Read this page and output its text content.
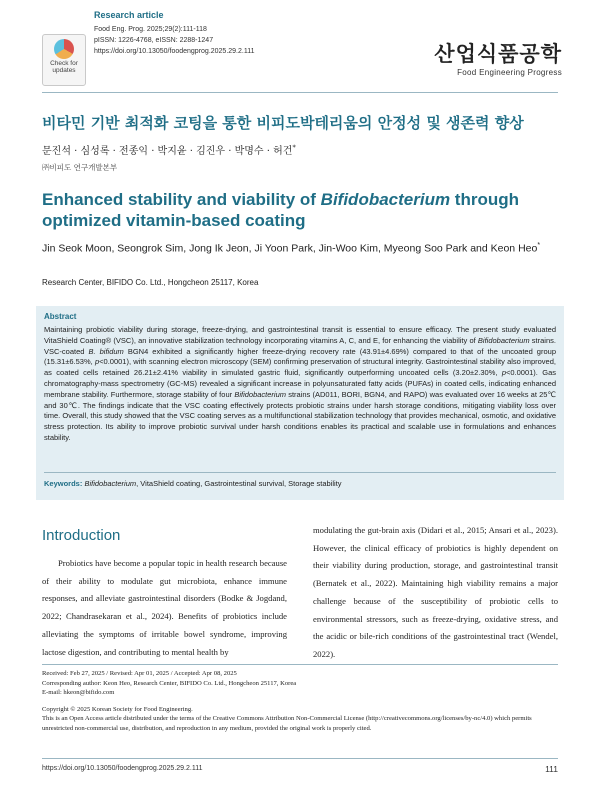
Check for updates
Research article
Food Eng. Prog. 2025;29(2):111-118
pISSN: 1226-4768, eISSN: 2288-1247
https://doi.org/10.13050/foodengprog.2025.29.2.111	산업식품공학
Food Engineering Progress
비타민 기반 최적화 코팅을 통한 비피도박테리움의 안정성 및 생존력 향상
문진석 · 심성록 · 전종익 · 박지윤 · 김진우 · 박명수 · 허건*
㈜비피도 연구개발본부
Enhanced stability and viability of Bifidobacterium through optimized vitamin-based coating
Jin Seok Moon, Seongrok Sim, Jong Ik Jeon, Ji Yoon Park, Jin-Woo Kim, Myeong Soo Park and Keon Heo*
Research Center, BIFIDO Co. Ltd., Hongcheon 25117, Korea
Abstract
Maintaining probiotic viability during storage, freeze-drying, and gastrointestinal transit is essential to ensure efficacy. The present study evaluated VitaShield Coating® (VSC), an innovative stabilization technology incorporating vitamins A, C, and E, for enhancing the viability of Bifidobacterium strains. VSC-coated B. bifidum BGN4 exhibited a significantly higher freeze-drying recovery rate (43.91±4.69%) compared to that of the uncoated group (15.31±6.53%, p<0.0001), with scanning electron microscopy (SEM) confirming preservation of structural integrity. Gastrointestinal stability also improved, as coated cells retained 26.21±2.41% viability in simulated gastric fluid, significantly outperforming uncoated cells (3.20±2.30%, p<0.0001). Gas chromatography-mass spectrometry (GC-MS) revealed a significant increase in polyunsaturated fatty acids (PUFAs) in coated cells, indicating enhanced membrane stability. Furthermore, storage stability of four Bifidobacterium strains (AD011, BORI, BGN4, and RAPO) was evaluated over 16 weeks at 25℃ and 30℃. The findings indicate that the VSC coating effectively protects probiotic strains under harsh storage conditions, mitigating viability loss over time. Overall, this study showed that the VSC coating serves as a multifunctional stabilization technology that provides mechanical, osmotic, and oxidative stress protection. Its ability to improve probiotic survival under harsh conditions enables its practical and scalable use in formulations and enhances stability.
Keywords: Bifidobacterium, VitaShield coating, Gastrointestinal survival, Storage stability
Introduction
Probiotics have become a popular topic in health research because of their ability to modulate gut microbiota, enhance immune responses, and alleviate gastrointestinal disorders (Bodke & Jogdand, 2022; Chandrasekaran et al., 2024). Benefits of probiotics include alleviating the symptoms of irritable bowel syndrome, improving lactose digestion, and contributing to mental health by
modulating the gut-brain axis (Didari et al., 2015; Ansari et al., 2023). However, the clinical efficacy of probiotics is highly dependent on their viability during production, storage, and gastrointestinal transit (Bernatek et al., 2022). Maintaining high viability remains a major challenge because of the susceptibility of probiotic cells to environmental stressors, such as freeze-drying, oxidative stress, and the acidic or bile-rich conditions of the gastrointestinal tract (Wendel, 2022).

Received: Feb 27, 2025 / Revised: Apr 01, 2025 / Accepted: Apr 08, 2025

Corresponding author: Keon Heo, Research Center, BIFIDO Co. Ltd., Hongcheon 25117, Korea

E-mail: hkeon@bifido.com

Copyright © 2025 Korean Society for Food Engineering.

This is an Open Access article distributed under the terms of the Creative Commons Attribution Non-Commercial License (http://creativecommons.org/licenses/by-nc/4.0) which permits unrestricted non-commercial use, distribution, and reproduction in any medium, provided the original work is properly cited.

https://doi.org/10.13050/foodengprog.2025.29.2.111	111
